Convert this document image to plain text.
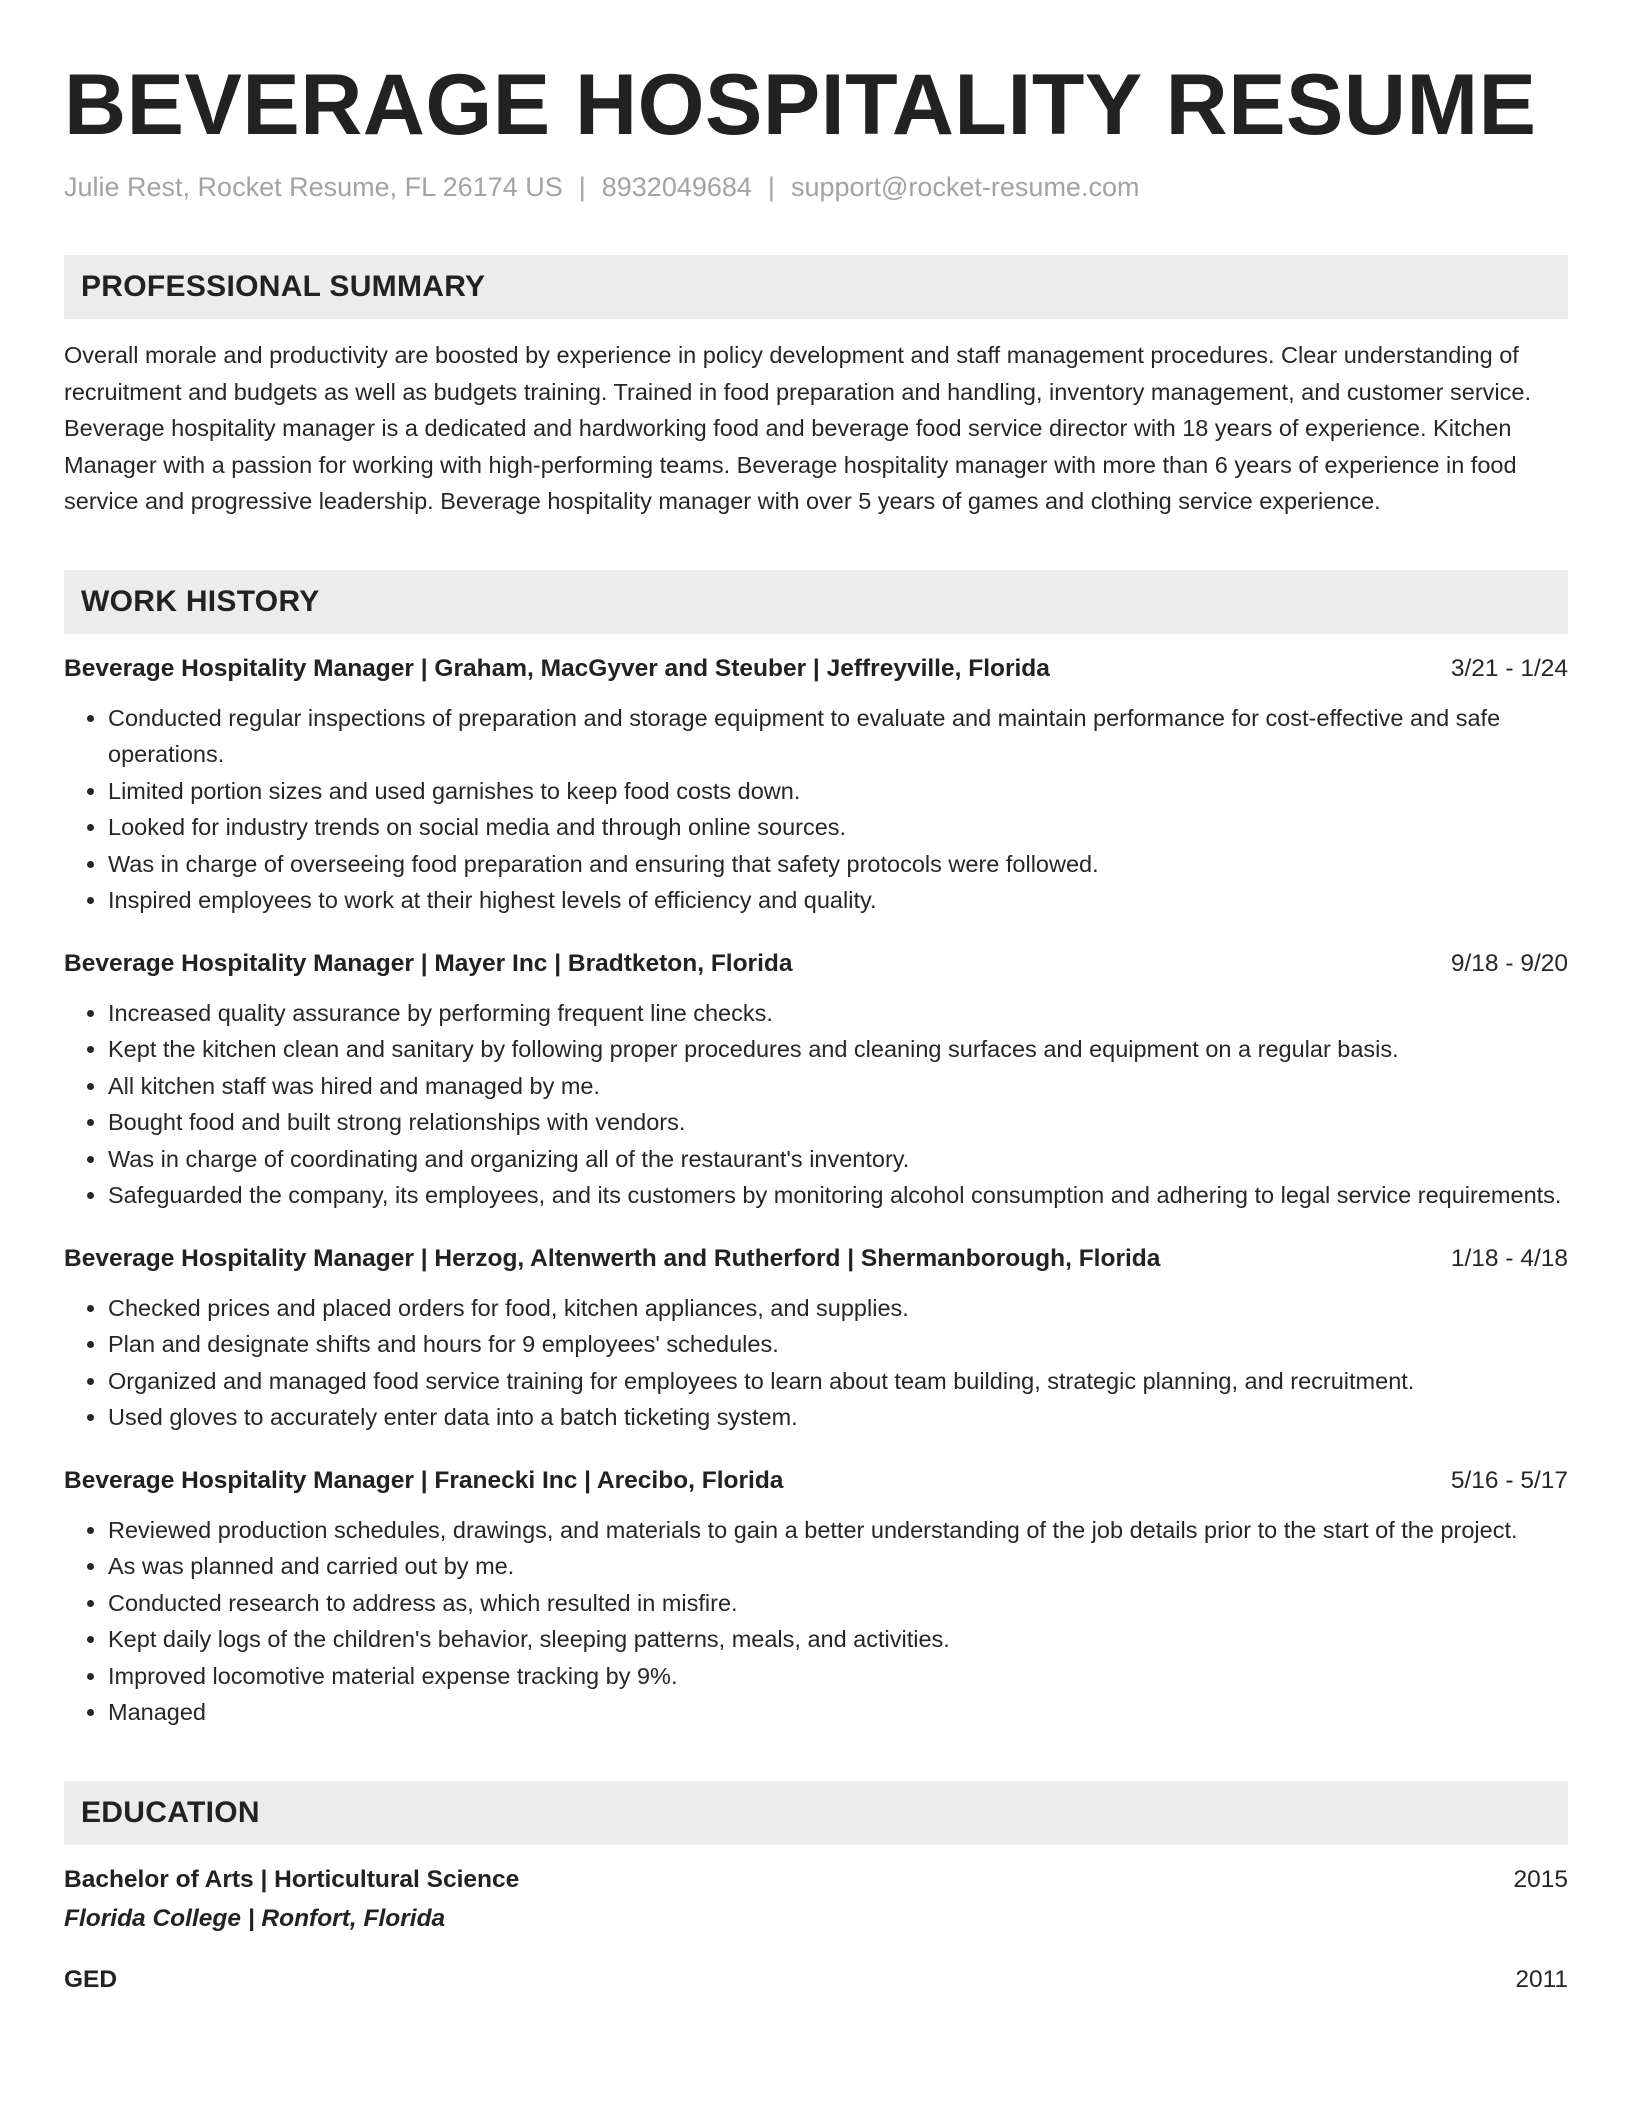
BEVERAGE HOSPITALITY RESUME
Julie Rest, Rocket Resume, FL 26174 US | 8932049684 | support@rocket-resume.com
PROFESSIONAL SUMMARY
Overall morale and productivity are boosted by experience in policy development and staff management procedures. Clear understanding of recruitment and budgets as well as budgets training. Trained in food preparation and handling, inventory management, and customer service. Beverage hospitality manager is a dedicated and hardworking food and beverage food service director with 18 years of experience. Kitchen Manager with a passion for working with high-performing teams. Beverage hospitality manager with more than 6 years of experience in food service and progressive leadership. Beverage hospitality manager with over 5 years of games and clothing service experience.
WORK HISTORY
Beverage Hospitality Manager | Graham, MacGyver and Steuber | Jeffreyville, Florida	3/21 - 1/24
• Conducted regular inspections of preparation and storage equipment to evaluate and maintain performance for cost-effective and safe operations.
• Limited portion sizes and used garnishes to keep food costs down.
• Looked for industry trends on social media and through online sources.
• Was in charge of overseeing food preparation and ensuring that safety protocols were followed.
• Inspired employees to work at their highest levels of efficiency and quality.
Beverage Hospitality Manager | Mayer Inc | Bradtketon, Florida	9/18 - 9/20
• Increased quality assurance by performing frequent line checks.
• Kept the kitchen clean and sanitary by following proper procedures and cleaning surfaces and equipment on a regular basis.
• All kitchen staff was hired and managed by me.
• Bought food and built strong relationships with vendors.
• Was in charge of coordinating and organizing all of the restaurant's inventory.
• Safeguarded the company, its employees, and its customers by monitoring alcohol consumption and adhering to legal service requirements.
Beverage Hospitality Manager | Herzog, Altenwerth and Rutherford | Shermanborough, Florida	1/18 - 4/18
• Checked prices and placed orders for food, kitchen appliances, and supplies.
• Plan and designate shifts and hours for 9 employees' schedules.
• Organized and managed food service training for employees to learn about team building, strategic planning, and recruitment.
• Used gloves to accurately enter data into a batch ticketing system.
Beverage Hospitality Manager | Franecki Inc | Arecibo, Florida	5/16 - 5/17
• Reviewed production schedules, drawings, and materials to gain a better understanding of the job details prior to the start of the project.
• As was planned and carried out by me.
• Conducted research to address as, which resulted in misfire.
• Kept daily logs of the children's behavior, sleeping patterns, meals, and activities.
• Improved locomotive material expense tracking by 9%.
• Managed
EDUCATION
Bachelor of Arts | Horticultural Science	2015
Florida College | Ronfort, Florida
GED	2011
